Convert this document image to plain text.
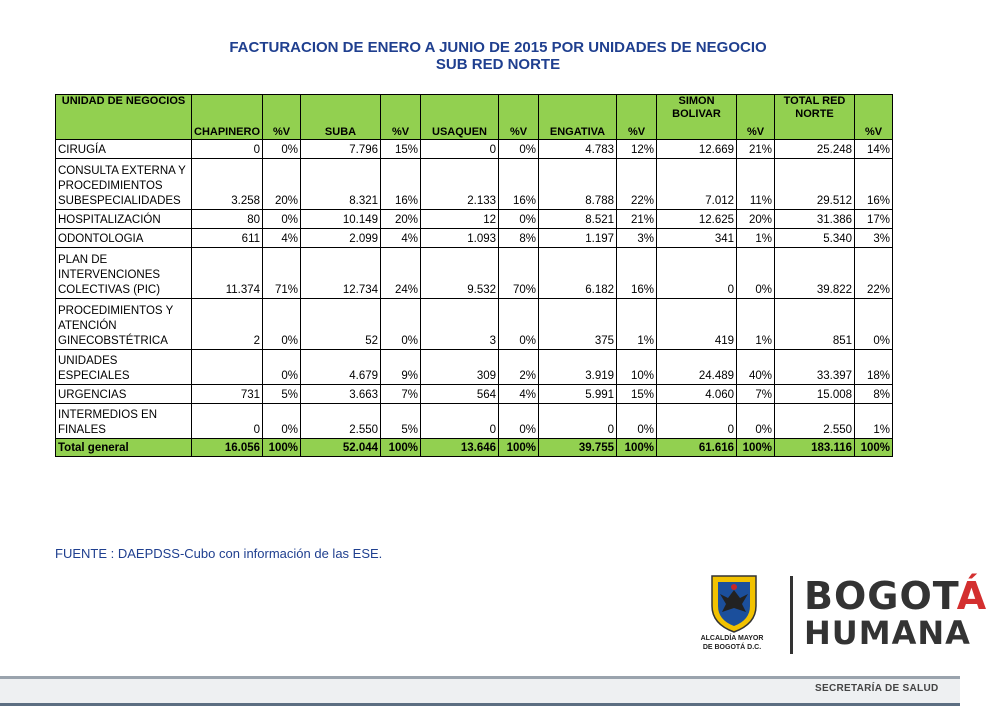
FACTURACION DE ENERO A JUNIO DE 2015 POR UNIDADES DE NEGOCIO
SUB RED NORTE
UNIDAD DE NEGOCIOS	CHAPINERO	%V	SUBA	%V	USAQUEN	%V	ENGATIVA	%V	SIMON BOLIVAR	%V	TOTAL RED NORTE	%V
CIRUGÍA	0	0%	7.796	15%	0	0%	4.783	12%	12.669	21%	25.248	14%
CONSULTA EXTERNA Y PROCEDIMIENTOS SUBESPECIALIDADES	3.258	20%	8.321	16%	2.133	16%	8.788	22%	7.012	11%	29.512	16%
HOSPITALIZACIÓN	80	0%	10.149	20%	12	0%	8.521	21%	12.625	20%	31.386	17%
ODONTOLOGIA	611	4%	2.099	4%	1.093	8%	1.197	3%	341	1%	5.340	3%
PLAN DE INTERVENCIONES COLECTIVAS (PIC)	11.374	71%	12.734	24%	9.532	70%	6.182	16%	0	0%	39.822	22%
PROCEDIMIENTOS Y ATENCIÓN GINECOBSTÉTRICA	2	0%	52	0%	3	0%	375	1%	419	1%	851	0%
UNIDADES ESPECIALES		0%	4.679	9%	309	2%	3.919	10%	24.489	40%	33.397	18%
URGENCIAS	731	5%	3.663	7%	564	4%	5.991	15%	4.060	7%	15.008	8%
INTERMEDIOS EN FINALES	0	0%	2.550	5%	0	0%	0	0%	0	0%	2.550	1%
Total general	16.056	100%	52.044	100%	13.646	100%	39.755	100%	61.616	100%	183.116	100%
FUENTE : DAEPDSS-Cubo con información de las ESE.
ALCALDÍA MAYOR
DE BOGOTÁ D.C.
BOGOTÁ
HUMANA
SECRETARÍA DE SALUD
